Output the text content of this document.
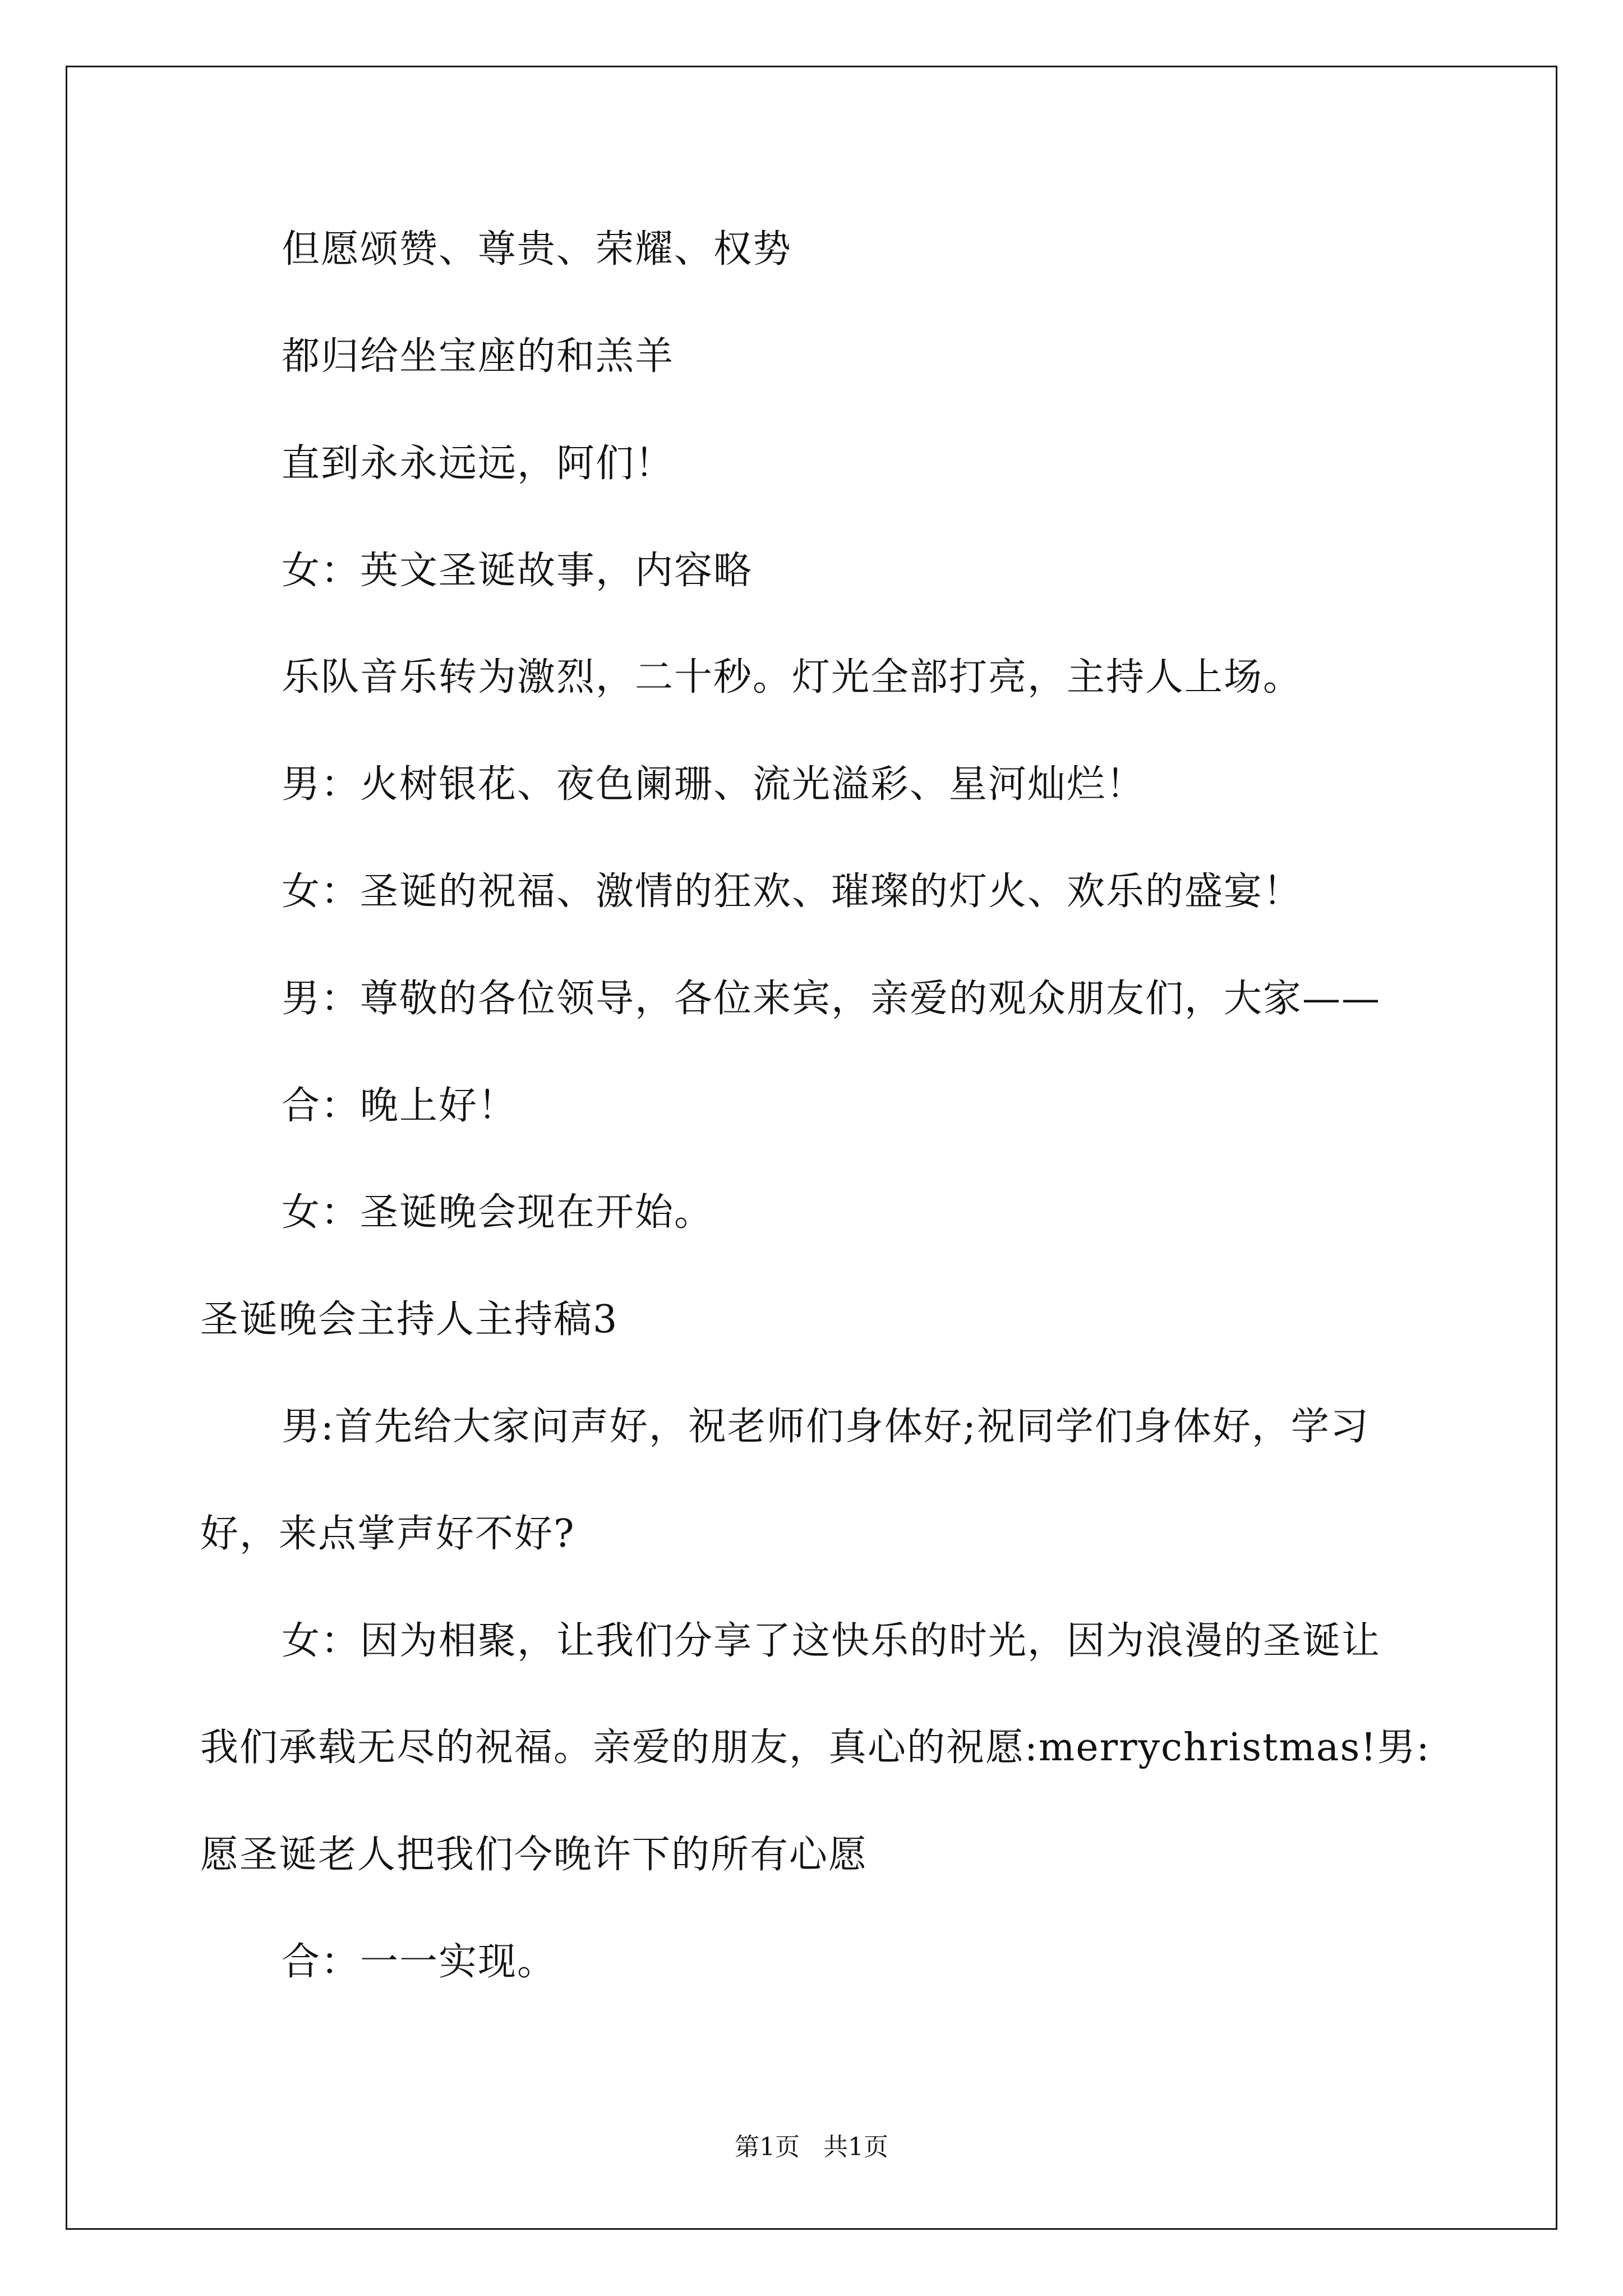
但愿颂赞、尊贵、荣耀、权势
都归给坐宝座的和羔羊
直到永永远远，阿们！
女：英文圣诞故事，内容略
乐队音乐转为激烈，二十秒。灯光全部打亮，主持人上场。
男：火树银花、夜色阑珊、流光溢彩、星河灿烂！
女：圣诞的祝福、激情的狂欢、璀璨的灯火、欢乐的盛宴！
男：尊敬的各位领导，各位来宾，亲爱的观众朋友们，大家——
合：晚上好！
女：圣诞晚会现在开始。
圣诞晚会主持人主持稿3
男:首先给大家问声好，祝老师们身体好;祝同学们身体好，学习
好，来点掌声好不好?
女：因为相聚，让我们分享了这快乐的时光，因为浪漫的圣诞让
我们承载无尽的祝福。亲爱的朋友，真心的祝愿:merrychristmas!男:
愿圣诞老人把我们今晚许下的所有心愿
合：一一实现。
第1页 共1页
